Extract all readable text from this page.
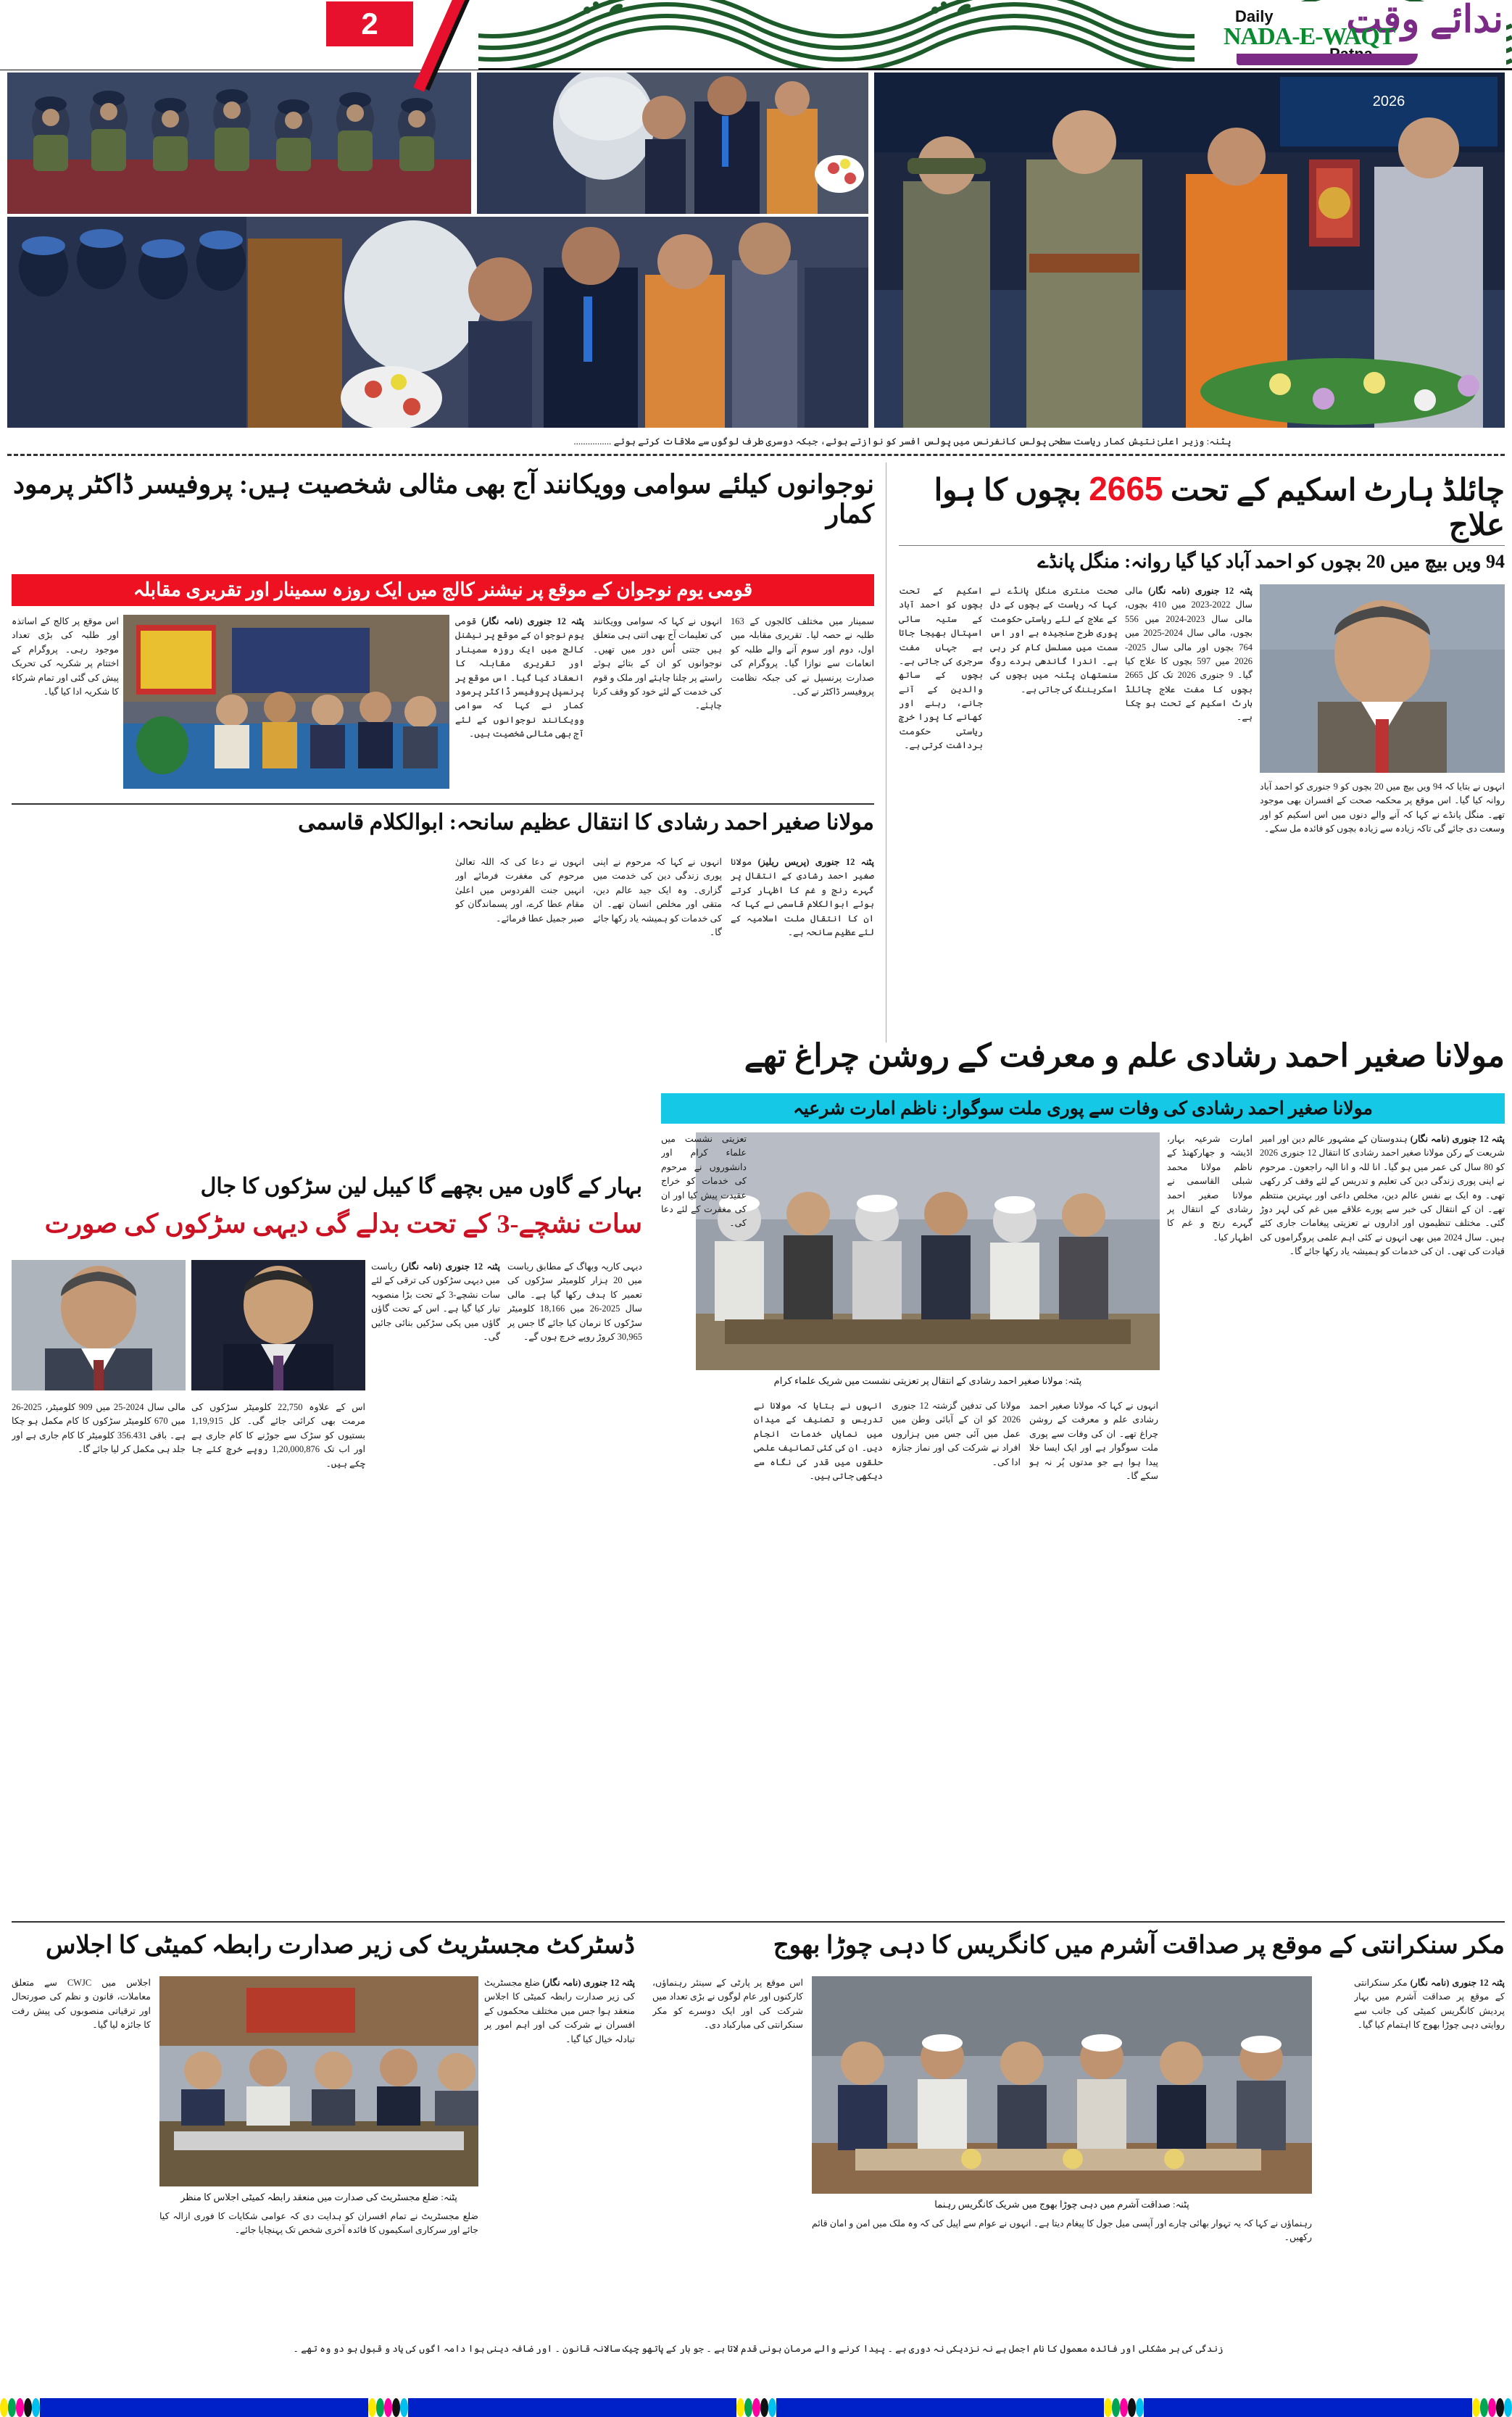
2	ندائے وقت
Daily
NADA-E-WAQT
2026
پٹنہ: وزیر اعلیٰ نتیش کمار ریاست سطحی پولس کانفرنس میں پولس افسر کو نوازتے ہوئے، جبکہ دوسری طرف لوگوں سے ملاقات کرتے ہوئے ................
چائلڈ ہارٹ اسکیم کے تحت 2665 بچوں کا ہوا علاج
94 ویں بیچ میں 20 بچوں کو احمد آباد کیا گیا روانہ: منگل پانڈے
نوجوانوں کیلئے سوامی وویکانند آج بھی مثالی شخصیت ہیں: پروفیسر ڈاکٹر پرمود کمار
قومی یوم نوجوان کے موقع پر نیشنر کالج میں ایک روزہ سمینار اور تقریری مقابلہ
پٹنہ 12 جنوری (نامہ نگار) قومی یوم نوجوان کے موقع پر نیشنل کالج میں ایک روزہ سمینار اور تقریری مقابلہ کا انعقاد کیا گیا۔ اس موقع پر پرنسپل پروفیسر ڈاکٹر پرمود کمار نے کہا کہ سوامی وویکانند نوجوانوں کے لئے آج بھی مثالی شخصیت ہیں۔
انہوں نے کہا کہ سوامی وویکانند کی تعلیمات آج بھی اتنی ہی متعلق ہیں جتنی اُس دور میں تھیں۔ نوجوانوں کو ان کے بتائے ہوئے راستے پر چلنا چاہئے اور ملک و قوم کی خدمت کے لئے خود کو وقف کرنا چاہئے۔
سمینار میں مختلف کالجوں کے 163 طلبہ نے حصہ لیا۔ تقریری مقابلہ میں اول، دوم اور سوم آنے والے طلبہ کو انعامات سے نوازا گیا۔ پروگرام کی صدارت پرنسپل نے کی جبکہ نظامت پروفیسر ڈاکٹر نے کی۔
اس موقع پر کالج کے اساتذہ اور طلبہ کی بڑی تعداد موجود رہی۔ پروگرام کے اختتام پر شکریہ کی تحریک پیش کی گئی اور تمام شرکاء کا شکریہ ادا کیا گیا۔
پٹنہ 12 جنوری (نامہ نگار) مالی سال 2022-2023 میں 410 بچوں، مالی سال 2023-2024 میں 556 بچوں، مالی سال 2024-2025 میں 764 بچوں اور مالی سال 2025-2026 میں 597 بچوں کا علاج کیا گیا۔ 9 جنوری 2026 تک کل 2665 بچوں کا مفت علاج چائلڈ ہارٹ اسکیم کے تحت ہو چکا ہے۔
صحت منتری منگل پانڈے نے کہا کہ ریاست کے بچوں کے دل کے علاج کے لئے ریاستی حکومت پوری طرح سنجیدہ ہے اور اس سمت میں مسلسل کام کر رہی ہے۔ اندرا گاندھی ہردے روگ سنستھان پٹنہ میں بچوں کی اسکریننگ کی جاتی ہے۔
اسکیم کے تحت بچوں کو احمد آباد کے ستیہ سائی اسپتال بھیجا جاتا ہے جہاں مفت سرجری کی جاتی ہے۔ بچوں کے ساتھ والدین کے آنے جانے، رہنے اور کھانے کا پورا خرچ ریاستی حکومت برداشت کرتی ہے۔
انہوں نے بتایا کہ 94 ویں بیچ میں 20 بچوں کو 9 جنوری کو احمد آباد روانہ کیا گیا۔ اس موقع پر محکمہ صحت کے افسران بھی موجود تھے۔ منگل پانڈے نے کہا کہ آنے والے دنوں میں اس اسکیم کو اور وسعت دی جائے گی تاکہ زیادہ سے زیادہ بچوں کو فائدہ مل سکے۔
مولانا صغیر احمد رشادی کا انتقال عظیم سانحہ: ابوالکلام قاسمی
پٹنہ 12 جنوری (پریس ریلیز) مولانا صغیر احمد رشادی کے انتقال پر گہرے رنج و غم کا اظہار کرتے ہوئے ابوالکلام قاسمی نے کہا کہ ان کا انتقال ملت اسلامیہ کے لئے عظیم سانحہ ہے۔
انہوں نے کہا کہ مرحوم نے اپنی پوری زندگی دین کی خدمت میں گزاری۔ وہ ایک جید عالم دین، متقی اور مخلص انسان تھے۔ ان کی خدمات کو ہمیشہ یاد رکھا جائے گا۔
انہوں نے دعا کی کہ اللہ تعالیٰ مرحوم کی مغفرت فرمائے اور انہیں جنت الفردوس میں اعلیٰ مقام عطا کرے، اور پسماندگان کو صبر جمیل عطا فرمائے۔
مولانا صغیر احمد رشادی علم و معرفت کے روشن چراغ تھے
مولانا صغیر احمد رشادی کی وفات سے پوری ملت سوگوار: ناظم امارت شرعیہ
پٹنہ: مولانا صغیر احمد رشادی کے انتقال پر تعزیتی نشست میں شریک علماء کرام
پٹنہ 12 جنوری (نامہ نگار) ہندوستان کے مشہور عالم دین اور امیر شریعت کے رکن مولانا صغیر احمد رشادی کا انتقال 12 جنوری 2026 کو 80 سال کی عمر میں ہو گیا۔ انا للہ و انا الیہ راجعون۔ مرحوم نے اپنی پوری زندگی دین کی تعلیم و تدریس کے لئے وقف کر رکھی تھی۔ وہ ایک بے نفس عالم دین، مخلص داعی اور بہترین منتظم تھے۔ ان کے انتقال کی خبر سے پورے علاقے میں غم کی لہر دوڑ گئی۔ مختلف تنظیموں اور اداروں نے تعزیتی پیغامات جاری کئے ہیں۔ سال 2024 میں بھی انہوں نے کئی اہم علمی پروگراموں کی قیادت کی تھی۔ ان کی خدمات کو ہمیشہ یاد رکھا جائے گا۔
امارت شرعیہ بہار، اڈیشہ و جھارکھنڈ کے ناظم مولانا محمد شبلی القاسمی نے مولانا صغیر احمد رشادی کے انتقال پر گہرے رنج و غم کا اظہار کیا۔
انہوں نے کہا کہ مولانا صغیر احمد رشادی علم و معرفت کے روشن چراغ تھے۔ ان کی وفات سے پوری ملت سوگوار ہے اور ایک ایسا خلا پیدا ہوا ہے جو مدتوں پُر نہ ہو سکے گا۔
مولانا کی تدفین گزشتہ 12 جنوری 2026 کو ان کے آبائی وطن میں عمل میں آئی جس میں ہزاروں افراد نے شرکت کی اور نماز جنازہ ادا کی۔
انہوں نے بتایا کہ مولانا نے تدریس و تصنیف کے میدان میں نمایاں خدمات انجام دیں۔ ان کی کئی تصانیف علمی حلقوں میں قدر کی نگاہ سے دیکھی جاتی ہیں۔
تعزیتی نشست میں علماء کرام اور دانشوروں نے مرحوم کی خدمات کو خراج عقیدت پیش کیا اور ان کی مغفرت کے لئے دعا کی۔
بہار کے گاوں میں بچھے گا کیبل لین سڑکوں کا جال
سات نشچے-3 کے تحت بدلے گی دیہی سڑکوں کی صورت
پٹنہ 12 جنوری (نامہ نگار) ریاست میں دیہی سڑکوں کی ترقی کے لئے سات نشچے-3 کے تحت بڑا منصوبہ تیار کیا گیا ہے۔ اس کے تحت گاؤں گاؤں میں پکی سڑکیں بنائی جائیں گی۔
دیہی کاریہ وبھاگ کے مطابق ریاست میں 20 ہزار کلومیٹر سڑکوں کی تعمیر کا ہدف رکھا گیا ہے۔ مالی سال 2025-26 میں 18,166 کلومیٹر سڑکوں کا نرمان کیا جائے گا جس پر 30,965 کروڑ روپے خرچ ہوں گے۔
اس کے علاوہ 22,750 کلومیٹر سڑکوں کی مرمت بھی کرائی جائے گی۔ کل 1,19,915 بستیوں کو سڑک سے جوڑنے کا کام جاری ہے اور اب تک 1,20,000,876 روپے خرچ کئے جا چکے ہیں۔
مالی سال 2024-25 میں 909 کلومیٹر، 2025-26 میں 670 کلومیٹر سڑکوں کا کام مکمل ہو چکا ہے۔ باقی 356.431 کلومیٹر کا کام جاری ہے اور جلد ہی مکمل کر لیا جائے گا۔
ڈسٹرکٹ مجسٹریٹ کی زیر صدارت رابطہ کمیٹی کا اجلاس
پٹنہ: ضلع مجسٹریٹ کی صدارت میں منعقد رابطہ کمیٹی اجلاس کا منظر
پٹنہ 12 جنوری (نامہ نگار) ضلع مجسٹریٹ کی زیر صدارت رابطہ کمیٹی کا اجلاس منعقد ہوا جس میں مختلف محکموں کے افسران نے شرکت کی اور اہم امور پر تبادلہ خیال کیا گیا۔
اجلاس میں CWJC سے متعلق معاملات، قانون و نظم کی صورتحال اور ترقیاتی منصوبوں کی پیش رفت کا جائزہ لیا گیا۔
ضلع مجسٹریٹ نے تمام افسران کو ہدایت دی کہ عوامی شکایات کا فوری ازالہ کیا جائے اور سرکاری اسکیموں کا فائدہ آخری شخص تک پہنچایا جائے۔
مکر سنکرانتی کے موقع پر صداقت آشرم میں کانگریس کا دہی چوڑا بھوج
پٹنہ: صداقت آشرم میں دہی چوڑا بھوج میں شریک کانگریس رہنما
پٹنہ 12 جنوری (نامہ نگار) مکر سنکرانتی کے موقع پر صداقت آشرم میں بہار پردیش کانگریس کمیٹی کی جانب سے روایتی دہی چوڑا بھوج کا اہتمام کیا گیا۔
اس موقع پر پارٹی کے سینئر رہنماؤں، کارکنوں اور عام لوگوں نے بڑی تعداد میں شرکت کی اور ایک دوسرے کو مکر سنکرانتی کی مبارکباد دی۔
رہنماؤں نے کہا کہ یہ تہوار بھائی چارے اور آپسی میل جول کا پیغام دیتا ہے۔ انہوں نے عوام سے اپیل کی کہ وہ ملک میں امن و امان قائم رکھیں۔
زندگی کی ہر مشکلی اور فائدہ معمول کا نام اجمل ہے نہ نزدیکی نہ دوری ہے ۔ پیدا کرنے والے مرمان ہونی قدم لاتا ہے ۔ جو بار کے پاتھو چیک سالانہ قانون ۔ اور ضافہ دینی ہوا دامہ اگوں کی یاد و قبول ہو دو وہ تھے ۔
